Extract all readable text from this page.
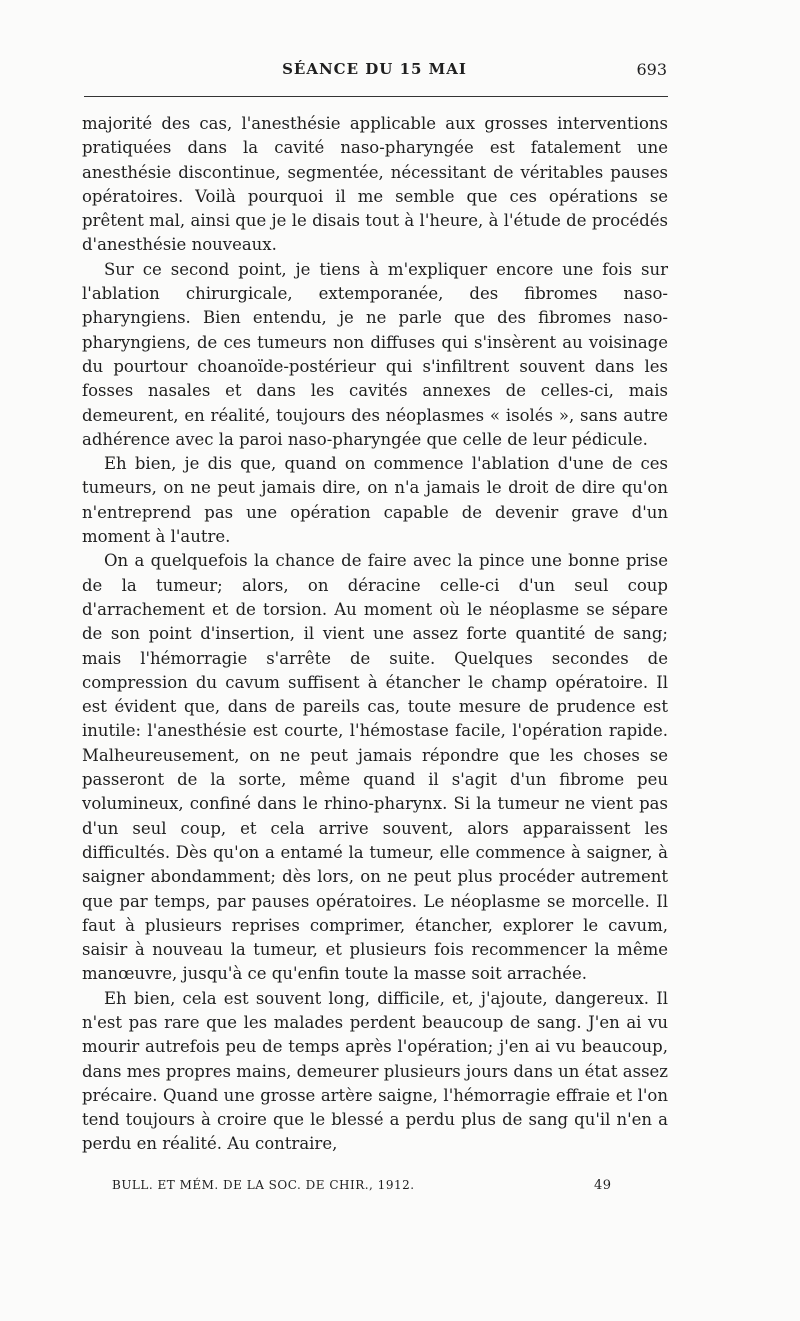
SÉANCE DU 15 MAI	693

majorité des cas, l'anesthésie applicable aux grosses interventions pratiquées dans la cavité naso-pharyngée est fatalement une anesthésie discontinue, segmentée, nécessitant de véritables pauses opératoires. Voilà pourquoi il me semble que ces opérations se prêtent mal, ainsi que je le disais tout à l'heure, à l'étude de procédés d'anesthésie nouveaux.

Sur ce second point, je tiens à m'expliquer encore une fois sur l'ablation chirurgicale, extemporanée, des fibromes naso-pharyngiens. Bien entendu, je ne parle que des fibromes naso-pharyngiens, de ces tumeurs non diffuses qui s'insèrent au voisinage du pourtour choanoïde-postérieur qui s'infiltrent souvent dans les fosses nasales et dans les cavités annexes de celles-ci, mais demeurent, en réalité, toujours des néoplasmes « isolés », sans autre adhérence avec la paroi naso-pharyngée que celle de leur pédicule.

Eh bien, je dis que, quand on commence l'ablation d'une de ces tumeurs, on ne peut jamais dire, on n'a jamais le droit de dire qu'on n'entreprend pas une opération capable de devenir grave d'un moment à l'autre.

On a quelquefois la chance de faire avec la pince une bonne prise de la tumeur; alors, on déracine celle-ci d'un seul coup d'arrachement et de torsion. Au moment où le néoplasme se sépare de son point d'insertion, il vient une assez forte quantité de sang; mais l'hémorragie s'arrête de suite. Quelques secondes de compression du cavum suffisent à étancher le champ opératoire. Il est évident que, dans de pareils cas, toute mesure de prudence est inutile: l'anesthésie est courte, l'hémostase facile, l'opération rapide. Malheureusement, on ne peut jamais répondre que les choses se passeront de la sorte, même quand il s'agit d'un fibrome peu volumineux, confiné dans le rhino-pharynx. Si la tumeur ne vient pas d'un seul coup, et cela arrive souvent, alors apparaissent les difficultés. Dès qu'on a entamé la tumeur, elle commence à saigner, à saigner abondamment; dès lors, on ne peut plus procéder autrement que par temps, par pauses opératoires. Le néoplasme se morcelle. Il faut à plusieurs reprises comprimer, étancher, explorer le cavum, saisir à nouveau la tumeur, et plusieurs fois recommencer la même manœuvre, jusqu'à ce qu'enfin toute la masse soit arrachée.

Eh bien, cela est souvent long, difficile, et, j'ajoute, dangereux. Il n'est pas rare que les malades perdent beaucoup de sang. J'en ai vu mourir autrefois peu de temps après l'opération; j'en ai vu beaucoup, dans mes propres mains, demeurer plusieurs jours dans un état assez précaire. Quand une grosse artère saigne, l'hémorragie effraie et l'on tend toujours à croire que le blessé a perdu plus de sang qu'il n'en a perdu en réalité. Au contraire,

BULL. ET MÉM. DE LA SOC. DE CHIR., 1912.	49
